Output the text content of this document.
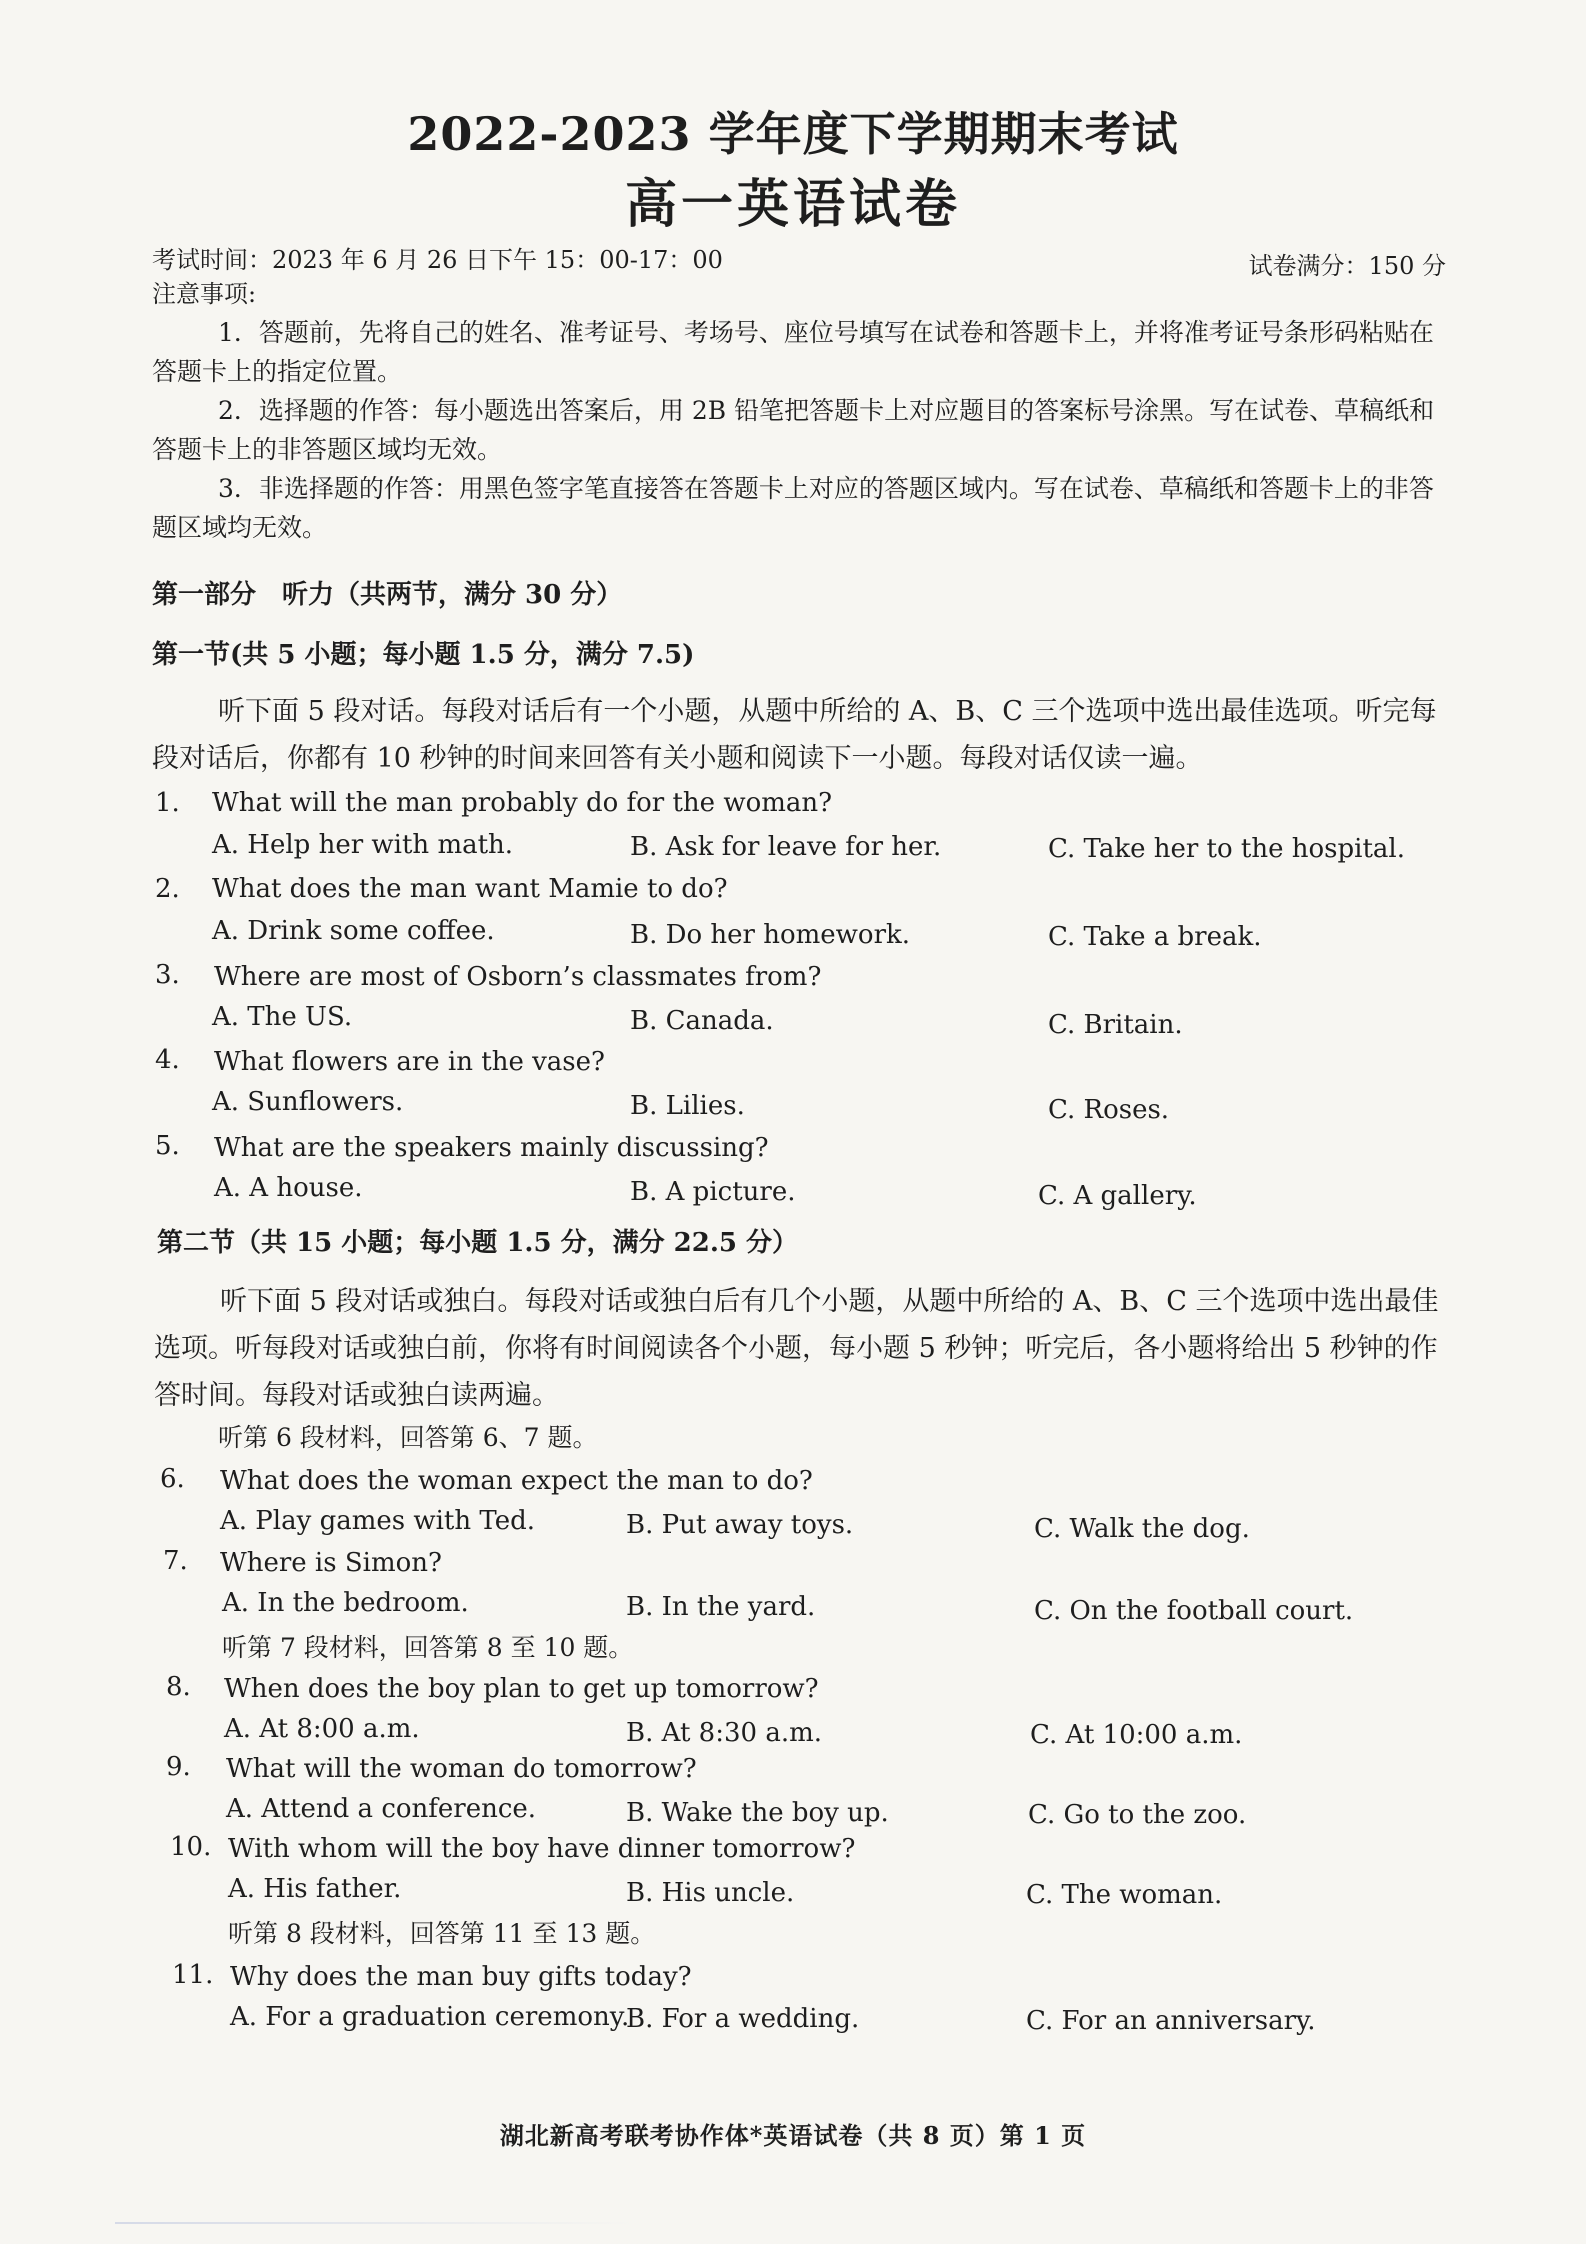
2022-2023 学年度下学期期末考试
高一英语试卷
考试时间：2023 年 6 月 26 日下午 15：00-17：00	试卷满分：150 分
注意事项:
1．答题前，先将自己的姓名、准考证号、考场号、座位号填写在试卷和答题卡上，并将准考证号条形码粘贴在答题卡上的指定位置。
2．选择题的作答：每小题选出答案后，用 2B 铅笔把答题卡上对应题目的答案标号涂黑。写在试卷、草稿纸和答题卡上的非答题区域均无效。
3．非选择题的作答：用黑色签字笔直接答在答题卡上对应的答题区域内。写在试卷、草稿纸和答题卡上的非答题区域均无效。
第一部分　听力（共两节，满分 30 分）
第一节(共 5 小题；每小题 1.5 分，满分 7.5)
听下面 5 段对话。每段对话后有一个小题，从题中所给的 A、B、C 三个选项中选出最佳选项。听完每段对话后，你都有 10 秒钟的时间来回答有关小题和阅读下一小题。每段对话仅读一遍。
1. What will the man probably do for the woman?
A. Help her with math.	B. Ask for leave for her.	C. Take her to the hospital.
2. What does the man want Mamie to do?
A. Drink some coffee.	B. Do her homework.	C. Take a break.
3. Where are most of Osborn’s classmates from?
A. The US.	B. Canada.	C. Britain.
4. What flowers are in the vase?
A. Sunflowers.	B. Lilies.	C. Roses.
5. What are the speakers mainly discussing?
A. A house.	B. A picture.	C. A gallery.
第二节（共 15 小题；每小题 1.5 分，满分 22.5 分）
听下面 5 段对话或独白。每段对话或独白后有几个小题，从题中所给的 A、B、C 三个选项中选出最佳选项。听每段对话或独白前，你将有时间阅读各个小题，每小题 5 秒钟；听完后，各小题将给出 5 秒钟的作答时间。每段对话或独白读两遍。
听第 6 段材料，回答第 6、7 题。
6. What does the woman expect the man to do?
A. Play games with Ted.	B. Put away toys.	C. Walk the dog.
7. Where is Simon?
A. In the bedroom.	B. In the yard.	C. On the football court.
听第 7 段材料，回答第 8 至 10 题。
8. When does the boy plan to get up tomorrow?
A. At 8:00 a.m.	B. At 8:30 a.m.	C. At 10:00 a.m.
9. What will the woman do tomorrow?
A. Attend a conference.	B. Wake the boy up.	C. Go to the zoo.
10. With whom will the boy have dinner tomorrow?
A. His father.	B. His uncle.	C. The woman.
听第 8 段材料，回答第 11 至 13 题。
11. Why does the man buy gifts today?
A. For a graduation ceremony.
B. For a wedding.	C. For an anniversary.
湖北新高考联考协作体*英语试卷（共 8 页）第 1 页
